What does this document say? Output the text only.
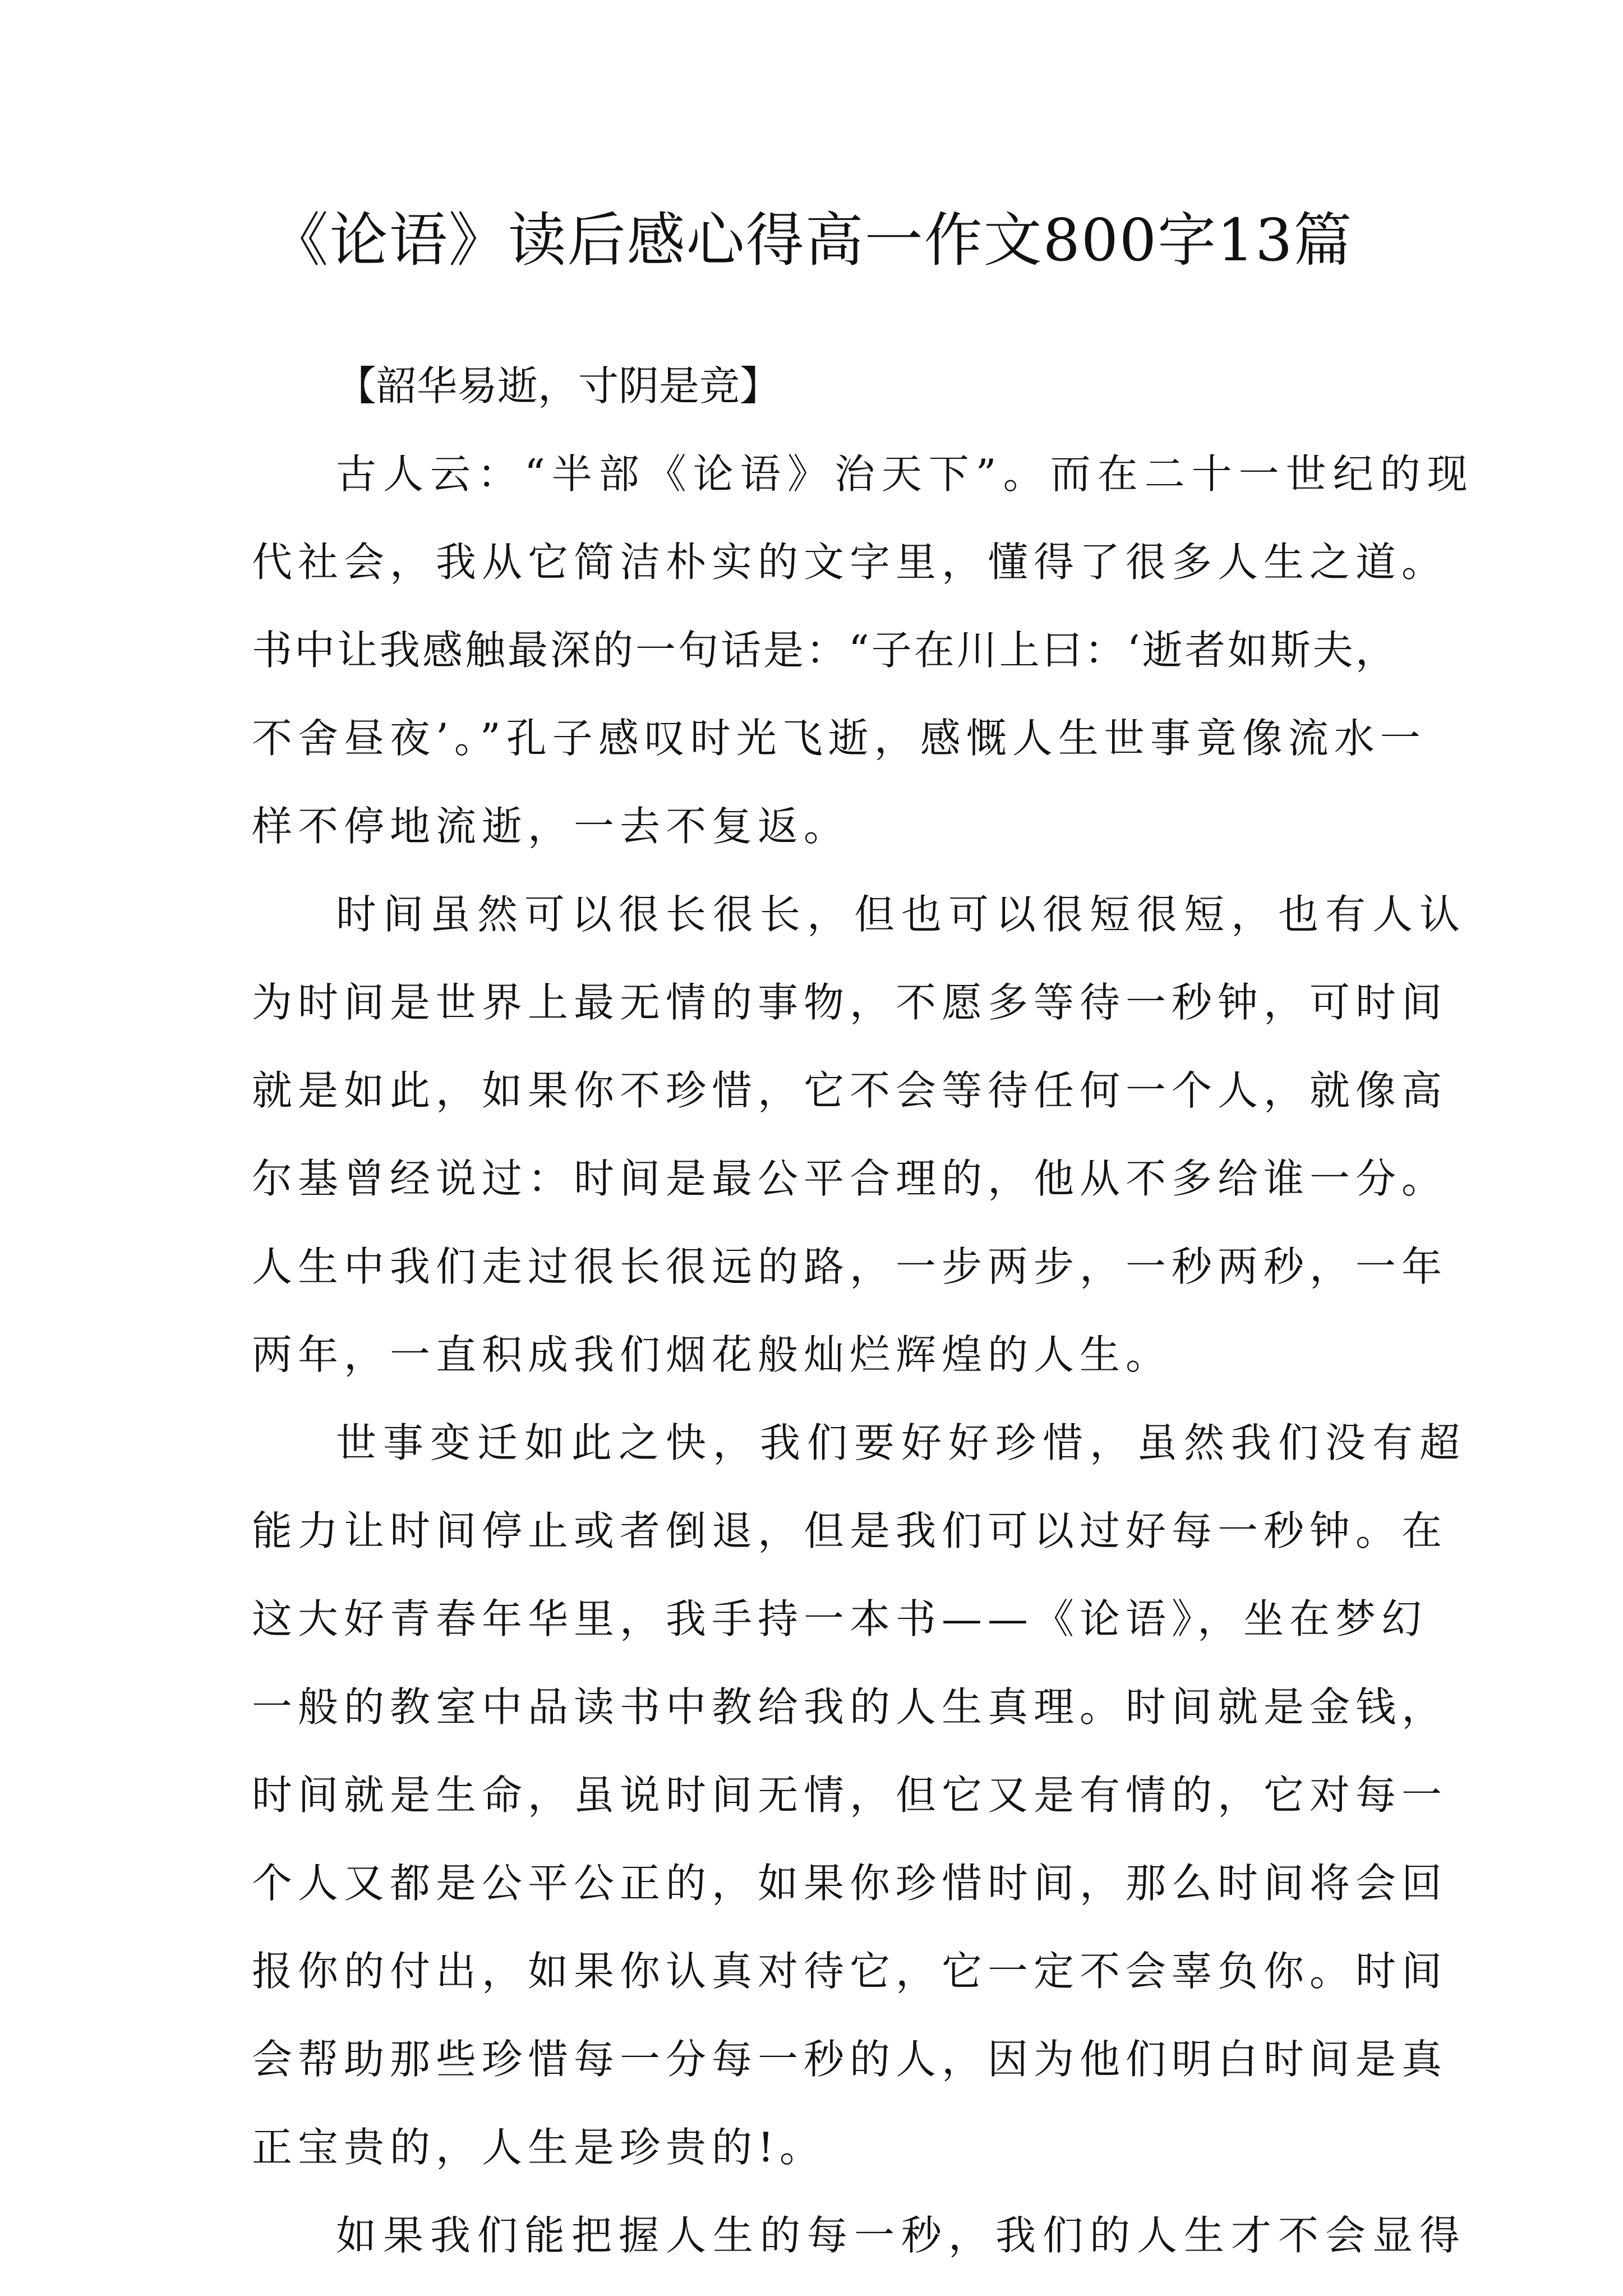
《论语》读后感心得高一作文800字13篇
【韶华易逝，寸阴是竞】
古人云：“半部《论语》治天下”。而在二十一世纪的现
代社会，我从它简洁朴实的文字里，懂得了很多人生之道。
书中让我感触最深的一句话是：“子在川上曰：‘逝者如斯夫，
不舍昼夜’。”孔子感叹时光飞逝，感慨人生世事竟像流水一
样不停地流逝，一去不复返。
时间虽然可以很长很长，但也可以很短很短，也有人认
为时间是世界上最无情的事物，不愿多等待一秒钟，可时间
就是如此，如果你不珍惜，它不会等待任何一个人，就像高
尔基曾经说过：时间是最公平合理的，他从不多给谁一分。
人生中我们走过很长很远的路，一步两步，一秒两秒，一年
两年，一直积成我们烟花般灿烂辉煌的人生。
世事变迁如此之快，我们要好好珍惜，虽然我们没有超
能力让时间停止或者倒退，但是我们可以过好每一秒钟。在
这大好青春年华里，我手持一本书——《论语》，坐在梦幻
一般的教室中品读书中教给我的人生真理。时间就是金钱，
时间就是生命，虽说时间无情，但它又是有情的，它对每一
个人又都是公平公正的，如果你珍惜时间，那么时间将会回
报你的付出，如果你认真对待它，它一定不会辜负你。时间
会帮助那些珍惜每一分每一秒的人，因为他们明白时间是真
正宝贵的，人生是珍贵的!。
如果我们能把握人生的每一秒，我们的人生才不会显得
